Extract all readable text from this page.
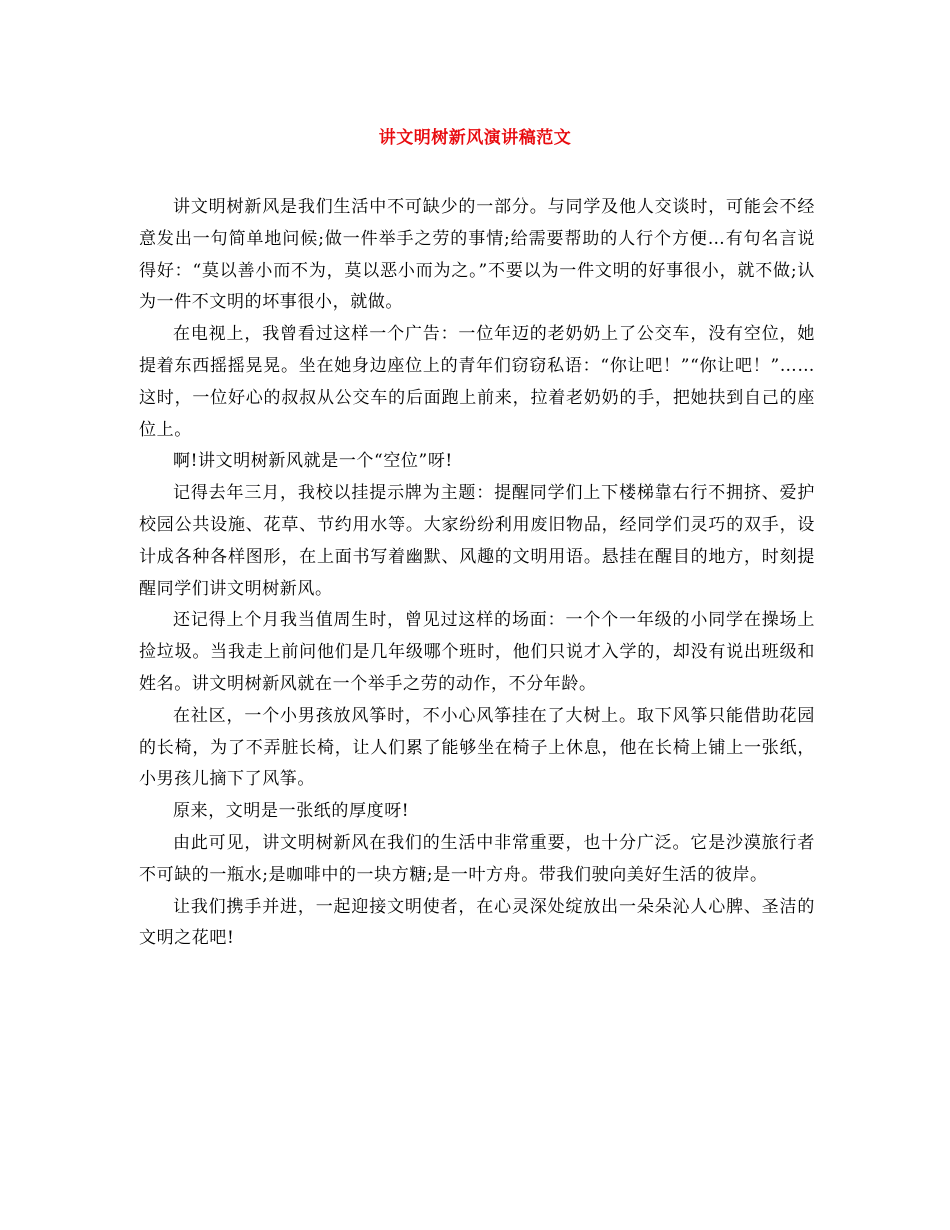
讲文明树新风演讲稿范文

讲文明树新风是我们生活中不可缺少的一部分。与同学及他人交谈时，可能会不经意发出一句简单地问候;做一件举手之劳的事情;给需要帮助的人行个方便…有句名言说得好：“莫以善小而不为，莫以恶小而为之。”不要以为一件文明的好事很小，就不做;认为一件不文明的坏事很小，就做。

在电视上，我曾看过这样一个广告：一位年迈的老奶奶上了公交车，没有空位，她提着东西摇摇晃晃。坐在她身边座位上的青年们窃窃私语：“你让吧！”“你让吧！”……这时，一位好心的叔叔从公交车的后面跑上前来，拉着老奶奶的手，把她扶到自己的座位上。

啊!讲文明树新风就是一个“空位”呀!

记得去年三月，我校以挂提示牌为主题：提醒同学们上下楼梯靠右行不拥挤、爱护校园公共设施、花草、节约用水等。大家纷纷利用废旧物品，经同学们灵巧的双手，设计成各种各样图形，在上面书写着幽默、风趣的文明用语。悬挂在醒目的地方，时刻提醒同学们讲文明树新风。

还记得上个月我当值周生时，曾见过这样的场面：一个个一年级的小同学在操场上捡垃圾。当我走上前问他们是几年级哪个班时，他们只说才入学的，却没有说出班级和姓名。讲文明树新风就在一个举手之劳的动作，不分年龄。

在社区，一个小男孩放风筝时，不小心风筝挂在了大树上。取下风筝只能借助花园的长椅，为了不弄脏长椅，让人们累了能够坐在椅子上休息，他在长椅上铺上一张纸，小男孩儿摘下了风筝。

原来，文明是一张纸的厚度呀!

由此可见，讲文明树新风在我们的生活中非常重要，也十分广泛。它是沙漠旅行者不可缺的一瓶水;是咖啡中的一块方糖;是一叶方舟。带我们驶向美好生活的彼岸。

让我们携手并进，一起迎接文明使者，在心灵深处绽放出一朵朵沁人心脾、圣洁的文明之花吧!
